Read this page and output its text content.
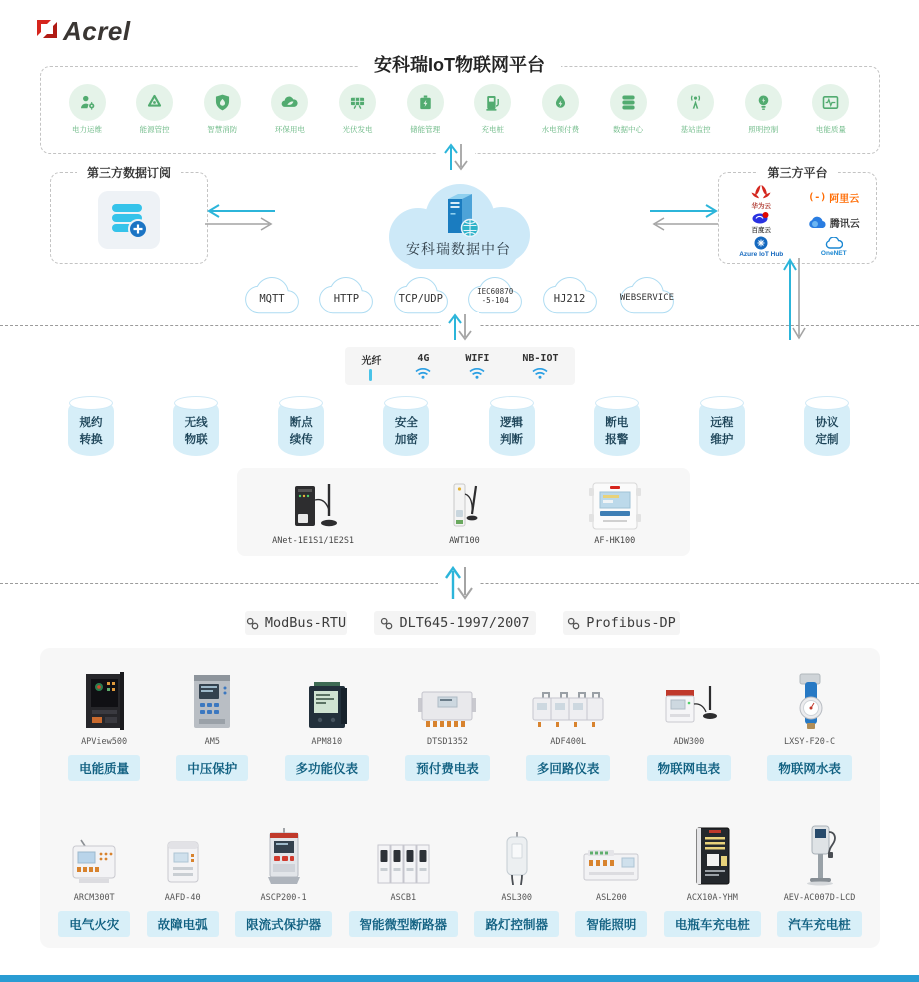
Acrel
安科瑞IoT物联网平台
电力运维	能源管控	智慧消防	环保用电	光伏发电	储能管理	充电桩	水电预付费	数据中心	基站监控	照明控制	电能质量
第三方数据订阅
安科瑞数据中台
第三方平台
华为云
(-) 阿里云
百度云
腾讯云
Azure IoT Hub	OneNET
MQTT	HTTP	TCP/UDP
IEC60870
-5-104	HJ212	WEBSERVICE
光纤	4G	WIFI	NB-IOT
规约
转换
无线
物联
断点
续传
安全
加密
逻辑
判断
断电
报警
远程
维护
协议
定制
ANet-1E1S1/1E2S1	AWT100	AF-HK100
ModBus-RTU	DLT645-1997/2007	Profibus-DP
APView500
电能质量
AM5
中压保护
APM810
多功能仪表
DTSD1352
预付费电表
ADF400L
多回路仪表
ADW300
物联网电表
LXSY-F20-C
物联网水表
ARCM300T
电气火灾
AAFD-40
故障电弧
ASCP200-1
限流式保护器
ASCB1
智能微型断路器
ASL300
路灯控制器
ASL200
智能照明
ACX10A-YHM
电瓶车充电桩
AEV-AC007D-LCD
汽车充电桩
